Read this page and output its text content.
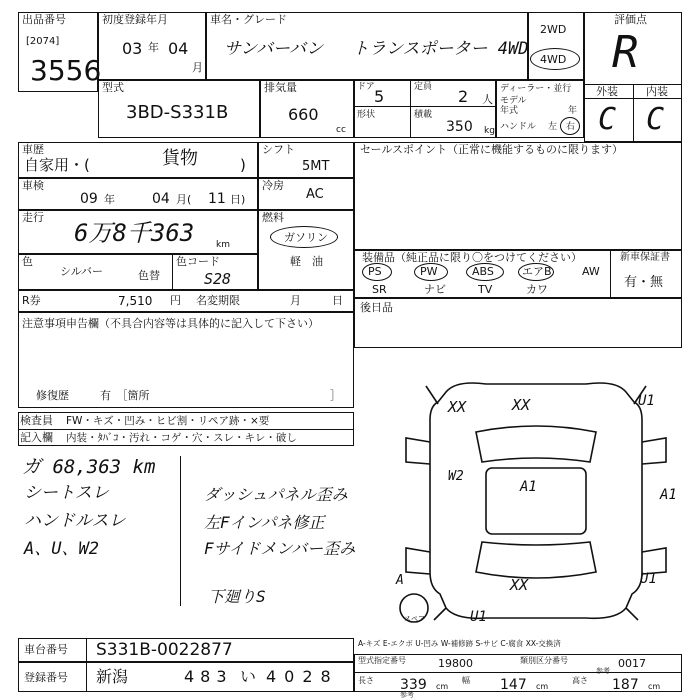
出品番号
[2074]
3556
初度登録年月
03 年 04
月
車名・グレード
サンバーバン トランスポーター 4WD
2WD
4WD
評価点
R
外装	内装
C C
型式
3BD-S331B
排気量
660
cc
ドア 5	定員 2 人
形状	積載
350 kg
ディーラー・並行
モデル
年式	年
ハンドル 左 右
車歴
自家用・(	貨物	)
シフト
5MT
セールスポイント（正常に機能するものに限ります）
車検
09 年	04 月( 11 日)
冷房
AC
走行
6万8千363 km
燃料
ガソリン
軽　油
色
シルバー	色替
色コード
S28
装備品（純正品に限り〇をつけてください）	新車保証書
有・無
PS	PW	ABS	エアB	AW
SR	ナビ	TV	カワ
R券	7,510 円 名変期限	月	日
注意事項申告欄（不具合内容等は具体的に記入して下さい）
修復歴	有　［箇所	］
後日品
検査員
記入欄
FW・キズ・凹み・ヒビ割・リペア跡・×要
内装・ﾀﾊﾞｺ・汚れ・コゲ・穴・スレ・キレ・破し
ガ 68,363 km
シートスレ
ハンドルスレ
A、U、W2
ダッシュパネル歪み
左Fインパネ修正
Fサイドメンバー歪み
下廻りS
XX	XX
XX
U1
A1	A1
U1
U1
W2
A
スペア
車台番号 S331B-0022877
登録番号 新潟	483 い 4028
A-キズ E-エクボ U-凹み W-補修跡 S-サビ C-腐食 XX-交換済
型式指定番号	19800	類別区分番号	0017
長さ 339 cm
幅 147 cm
高さ 187 cm
参考
参考
